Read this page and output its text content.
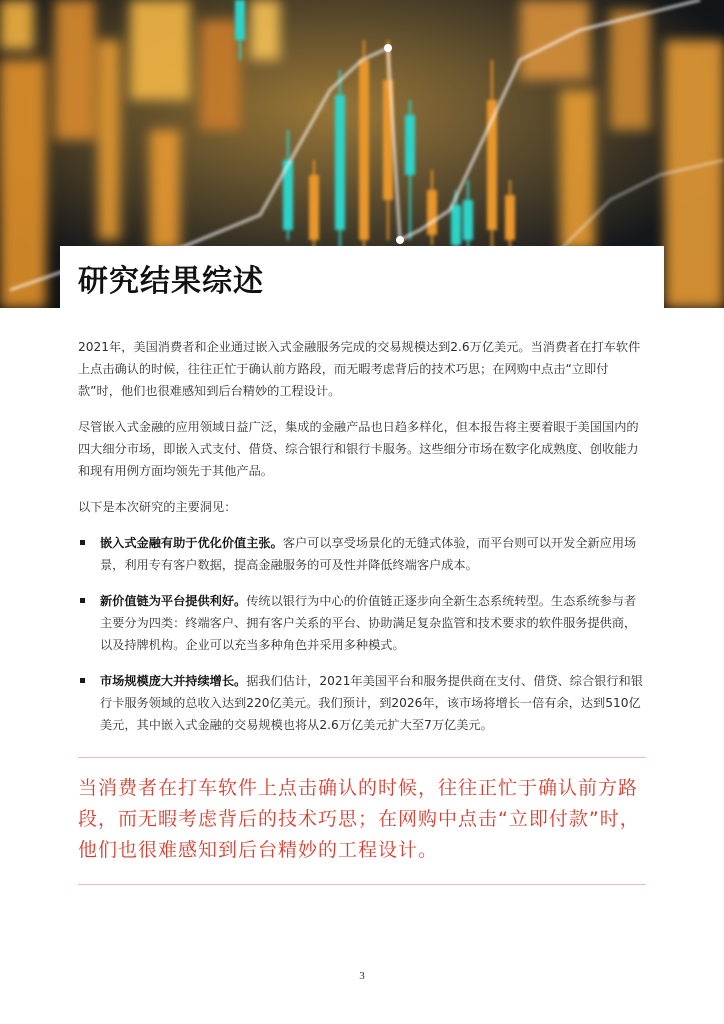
研究结果综述

2021年，美国消费者和企业通过嵌入式金融服务完成的交易规模达到2.6万亿美元。当消费者在打车软件上点击确认的时候，往往正忙于确认前方路段，而无暇考虑背后的技术巧思；在网购中点击“立即付款”时，他们也很难感知到后台精妙的工程设计。

尽管嵌入式金融的应用领域日益广泛，集成的金融产品也日趋多样化，但本报告将主要着眼于美国国内的四大细分市场，即嵌入式支付、借贷、综合银行和银行卡服务。这些细分市场在数字化成熟度、创收能力和现有用例方面均领先于其他产品。

以下是本次研究的主要洞见：

嵌入式金融有助于优化价值主张。客户可以享受场景化的无缝式体验，而平台则可以开发全新应用场景，利用专有客户数据，提高金融服务的可及性并降低终端客户成本。
新价值链为平台提供利好。传统以银行为中心的价值链正逐步向全新生态系统转型。生态系统参与者主要分为四类：终端客户、拥有客户关系的平台、协助满足复杂监管和技术要求的软件服务提供商，以及持牌机构。企业可以充当多种角色并采用多种模式。
市场规模庞大并持续增长。据我们估计，2021年美国平台和服务提供商在支付、借贷、综合银行和银行卡服务领域的总收入达到220亿美元。我们预计，到2026年，该市场将增长一倍有余，达到510亿美元，其中嵌入式金融的交易规模也将从2.6万亿美元扩大至7万亿美元。

当消费者在打车软件上点击确认的时候，往往正忙于确认前方路段，而无暇考虑背后的技术巧思；在网购中点击“立即付款”时，他们也很难感知到后台精妙的工程设计。

3
